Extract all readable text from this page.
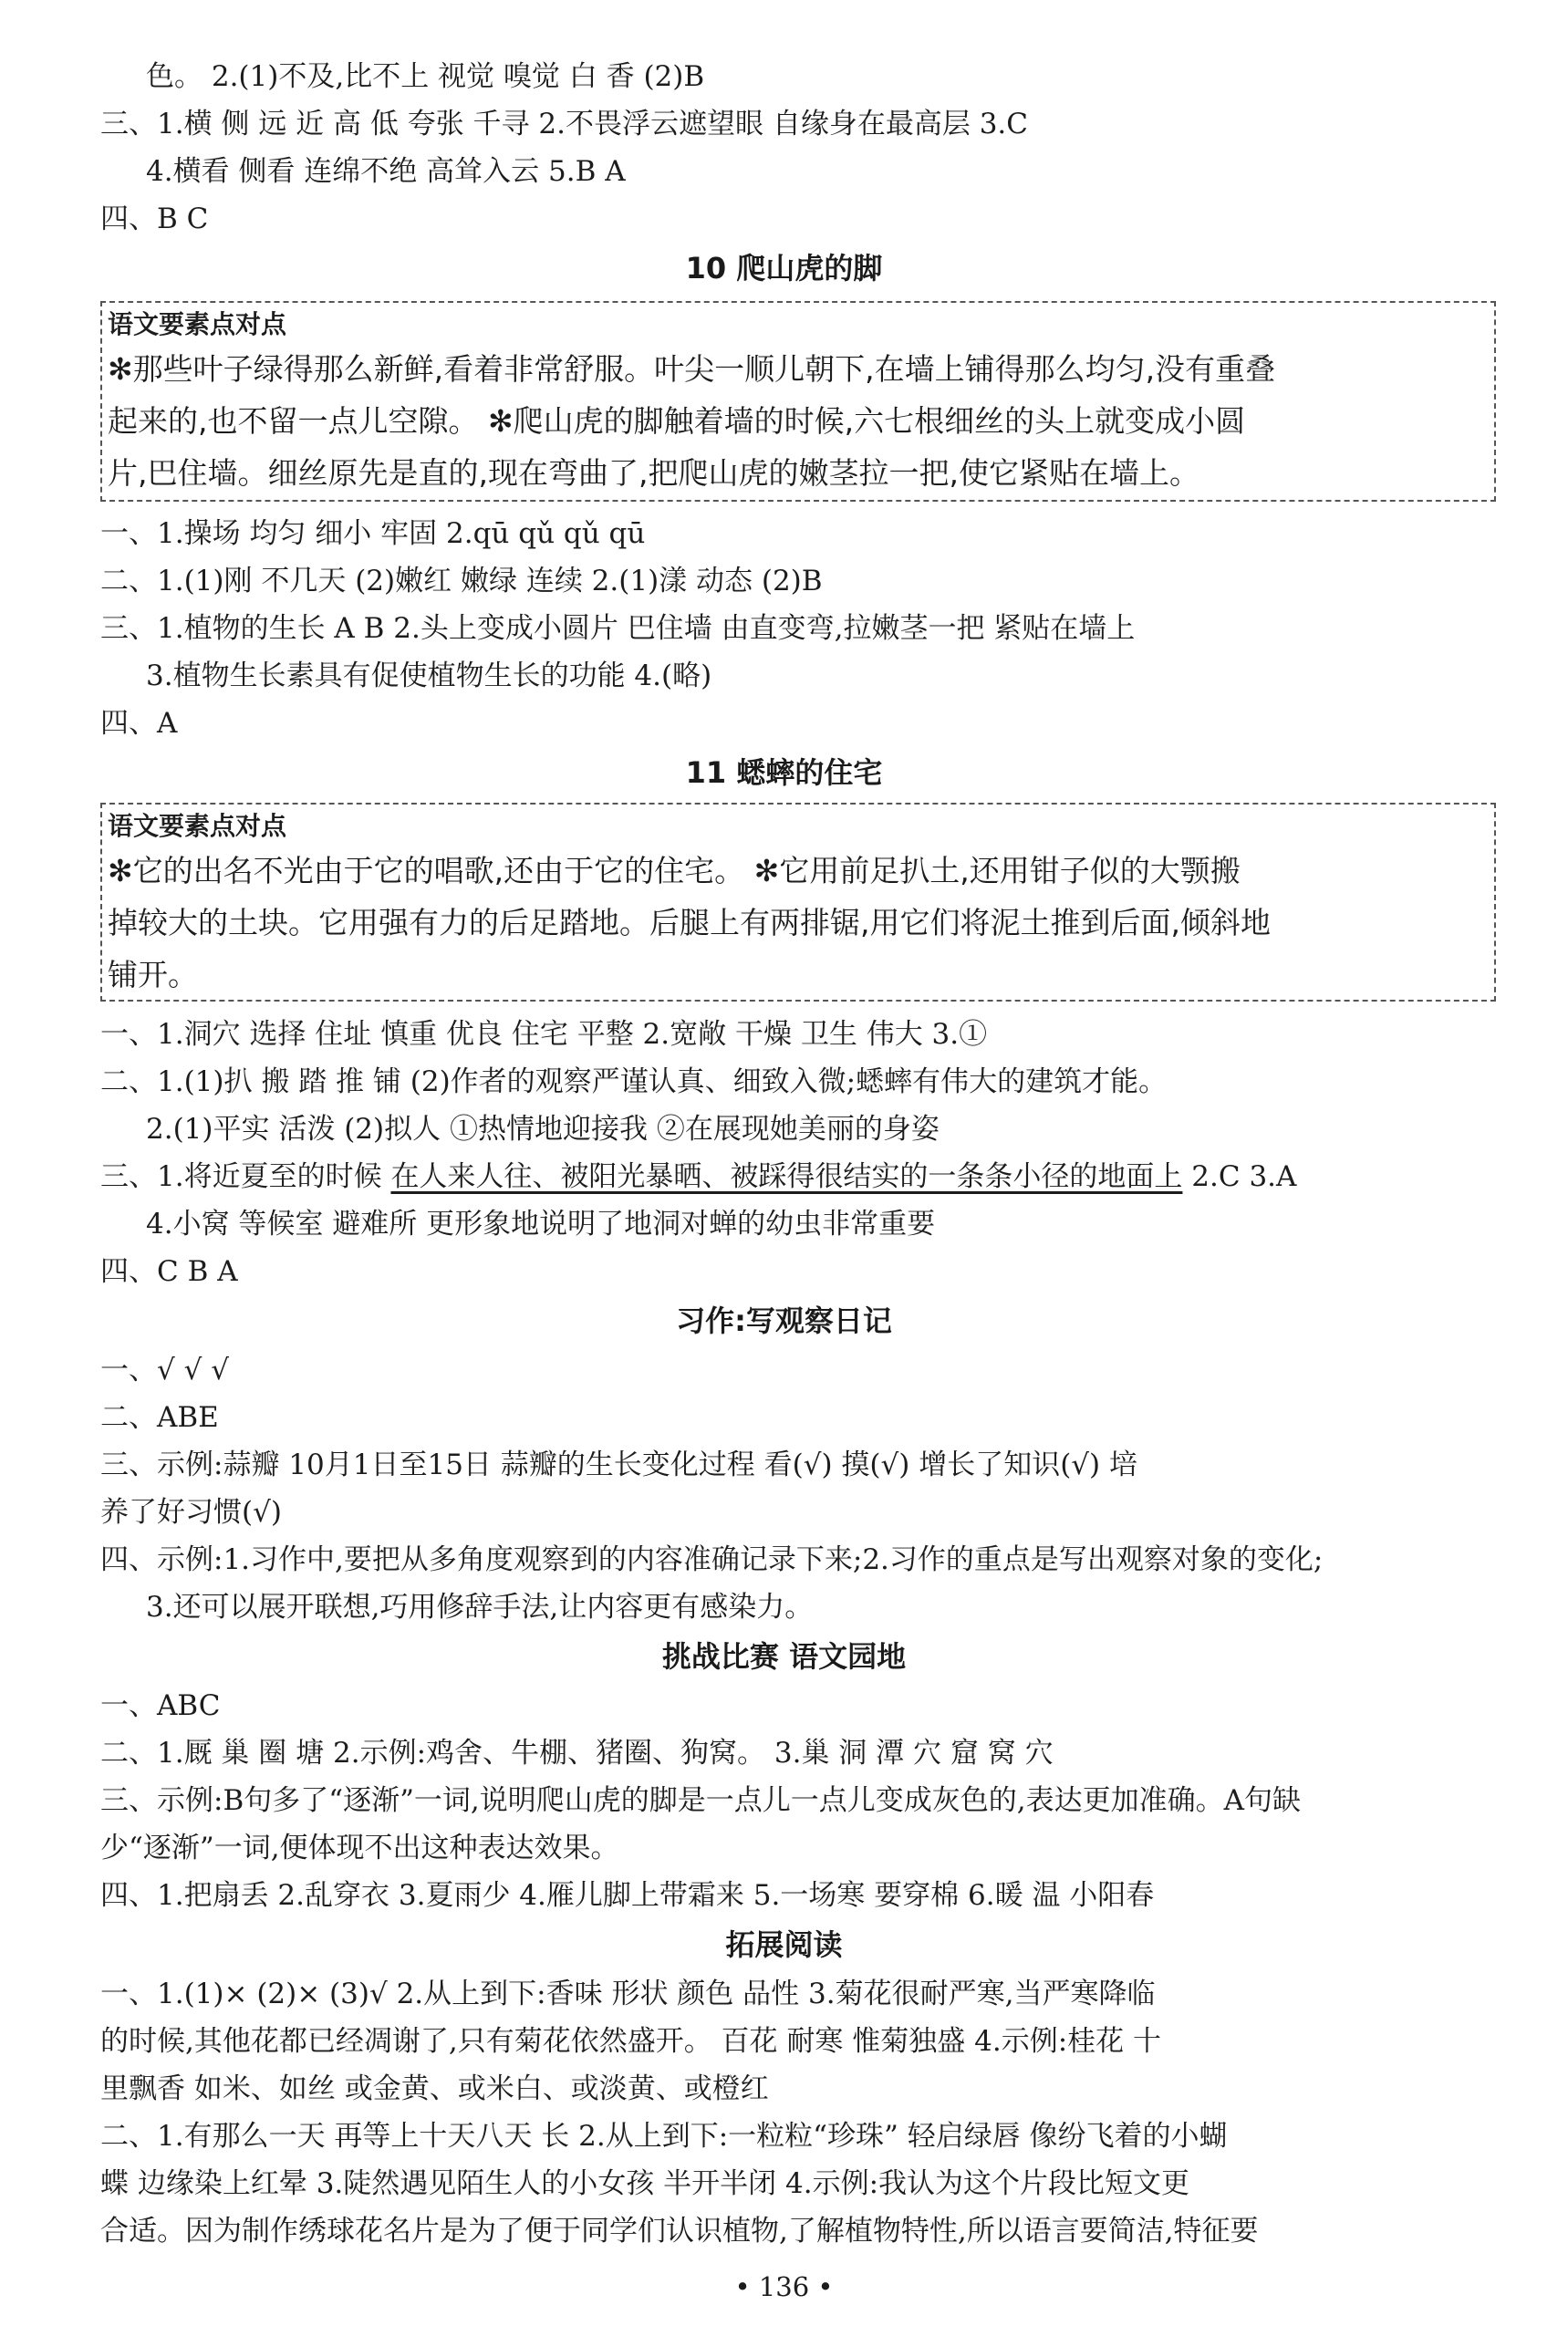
色。 2.(1)不及,比不上 视觉 嗅觉 白 香 (2)B
三、1.横 侧 远 近 高 低 夸张 千寻 2.不畏浮云遮望眼 自缘身在最高层 3.C
4.横看 侧看 连绵不绝 高耸入云 5.B A
四、B C
10 爬山虎的脚
语文要素点对点
✻那些叶子绿得那么新鲜,看着非常舒服。叶尖一顺儿朝下,在墙上铺得那么均匀,没有重叠
起来的,也不留一点儿空隙。 ✻爬山虎的脚触着墙的时候,六七根细丝的头上就变成小圆
片,巴住墙。细丝原先是直的,现在弯曲了,把爬山虎的嫩茎拉一把,使它紧贴在墙上。
一、1.操场 均匀 细小 牢固 2.qū qǔ qǔ qū
二、1.(1)刚 不几天 (2)嫩红 嫩绿 连续 2.(1)漾 动态 (2)B
三、1.植物的生长 A B 2.头上变成小圆片 巴住墙 由直变弯,拉嫩茎一把 紧贴在墙上
3.植物生长素具有促使植物生长的功能 4.(略)
四、A
11 蟋蟀的住宅
语文要素点对点
✻它的出名不光由于它的唱歌,还由于它的住宅。 ✻它用前足扒土,还用钳子似的大颚搬
掉较大的土块。它用强有力的后足踏地。后腿上有两排锯,用它们将泥土推到后面,倾斜地
铺开。
一、1.洞穴 选择 住址 慎重 优良 住宅 平整 2.宽敞 干燥 卫生 伟大 3.①
二、1.(1)扒 搬 踏 推 铺 (2)作者的观察严谨认真、细致入微;蟋蟀有伟大的建筑才能。
2.(1)平实 活泼 (2)拟人 ①热情地迎接我 ②在展现她美丽的身姿
三、1.将近夏至的时候 在人来人往、被阳光暴晒、被踩得很结实的一条条小径的地面上 2.C 3.A
4.小窝 等候室 避难所 更形象地说明了地洞对蝉的幼虫非常重要
四、C B A
习作:写观察日记
一、√ √ √
二、ABE
三、示例:蒜瓣 10月1日至15日 蒜瓣的生长变化过程 看(√) 摸(√) 增长了知识(√) 培
养了好习惯(√)
四、示例:1.习作中,要把从多角度观察到的内容准确记录下来;2.习作的重点是写出观察对象的变化;
3.还可以展开联想,巧用修辞手法,让内容更有感染力。
挑战比赛 语文园地
一、ABC
二、1.厩 巢 圈 塘 2.示例:鸡舍、牛棚、猪圈、狗窝。 3.巢 洞 潭 穴 窟 窝 穴
三、示例:B句多了“逐渐”一词,说明爬山虎的脚是一点儿一点儿变成灰色的,表达更加准确。A句缺
少“逐渐”一词,便体现不出这种表达效果。
四、1.把扇丢 2.乱穿衣 3.夏雨少 4.雁儿脚上带霜来 5.一场寒 要穿棉 6.暖 温 小阳春
拓展阅读
一、1.(1)× (2)× (3)√ 2.从上到下:香味 形状 颜色 品性 3.菊花很耐严寒,当严寒降临
的时候,其他花都已经凋谢了,只有菊花依然盛开。 百花 耐寒 惟菊独盛 4.示例:桂花 十
里飘香 如米、如丝 或金黄、或米白、或淡黄、或橙红
二、1.有那么一天 再等上十天八天 长 2.从上到下:一粒粒“珍珠” 轻启绿唇 像纷飞着的小蝴
蝶 边缘染上红晕 3.陡然遇见陌生人的小女孩 半开半闭 4.示例:我认为这个片段比短文更
合适。因为制作绣球花名片是为了便于同学们认识植物,了解植物特性,所以语言要简洁,特征要
• 136 •
